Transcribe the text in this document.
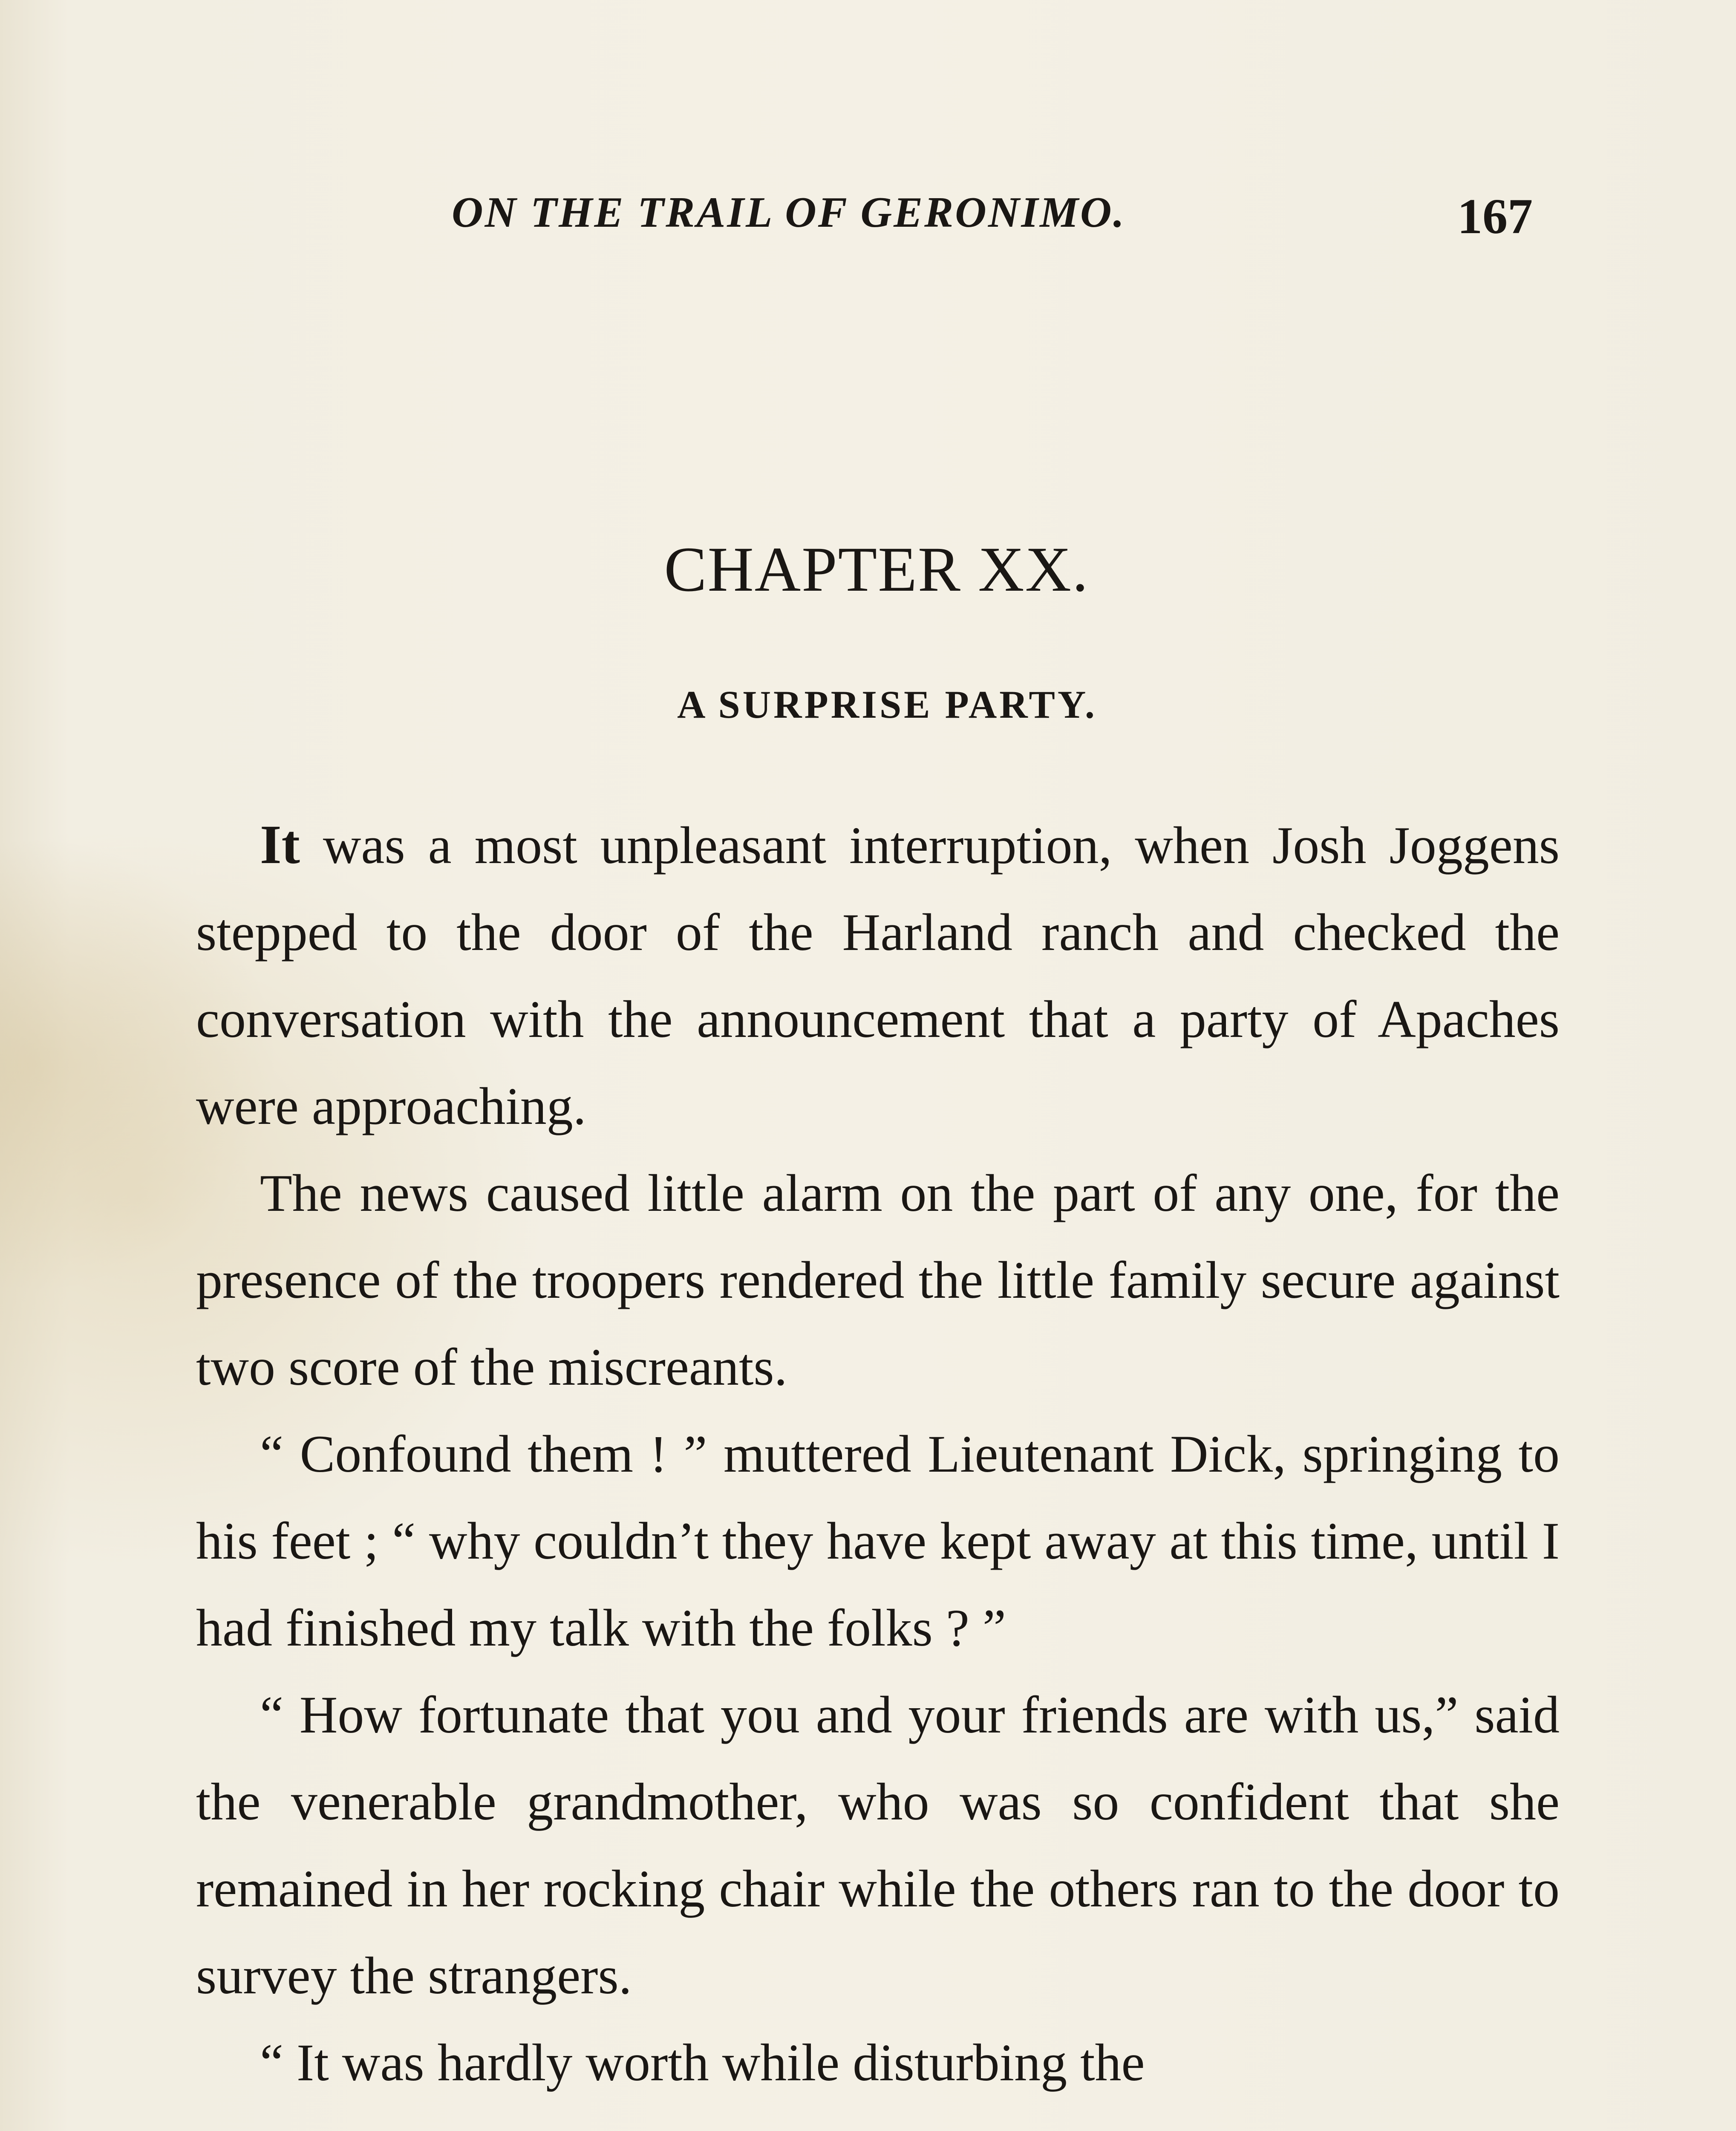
ON THE TRAIL OF GERONIMO.	167
CHAPTER XX.
A SURPRISE PARTY.

It was a most unpleasant interruption, when Josh Joggens stepped to the door of the Harland ranch and checked the conversation with the announcement that a party of Apaches were approaching.

The news caused little alarm on the part of any one, for the presence of the troopers rendered the little family secure against two score of the miscreants.

“ Confound them ! ” muttered Lieutenant Dick, springing to his feet ; “ why couldn’t they have kept away at this time, until I had finished my talk with the folks ? ”

“ How fortunate that you and your friends are with us,” said the venerable grandmother, who was so confident that she remained in her rocking chair while the others ran to the door to survey the strangers.

“ It was hardly worth while disturbing the
